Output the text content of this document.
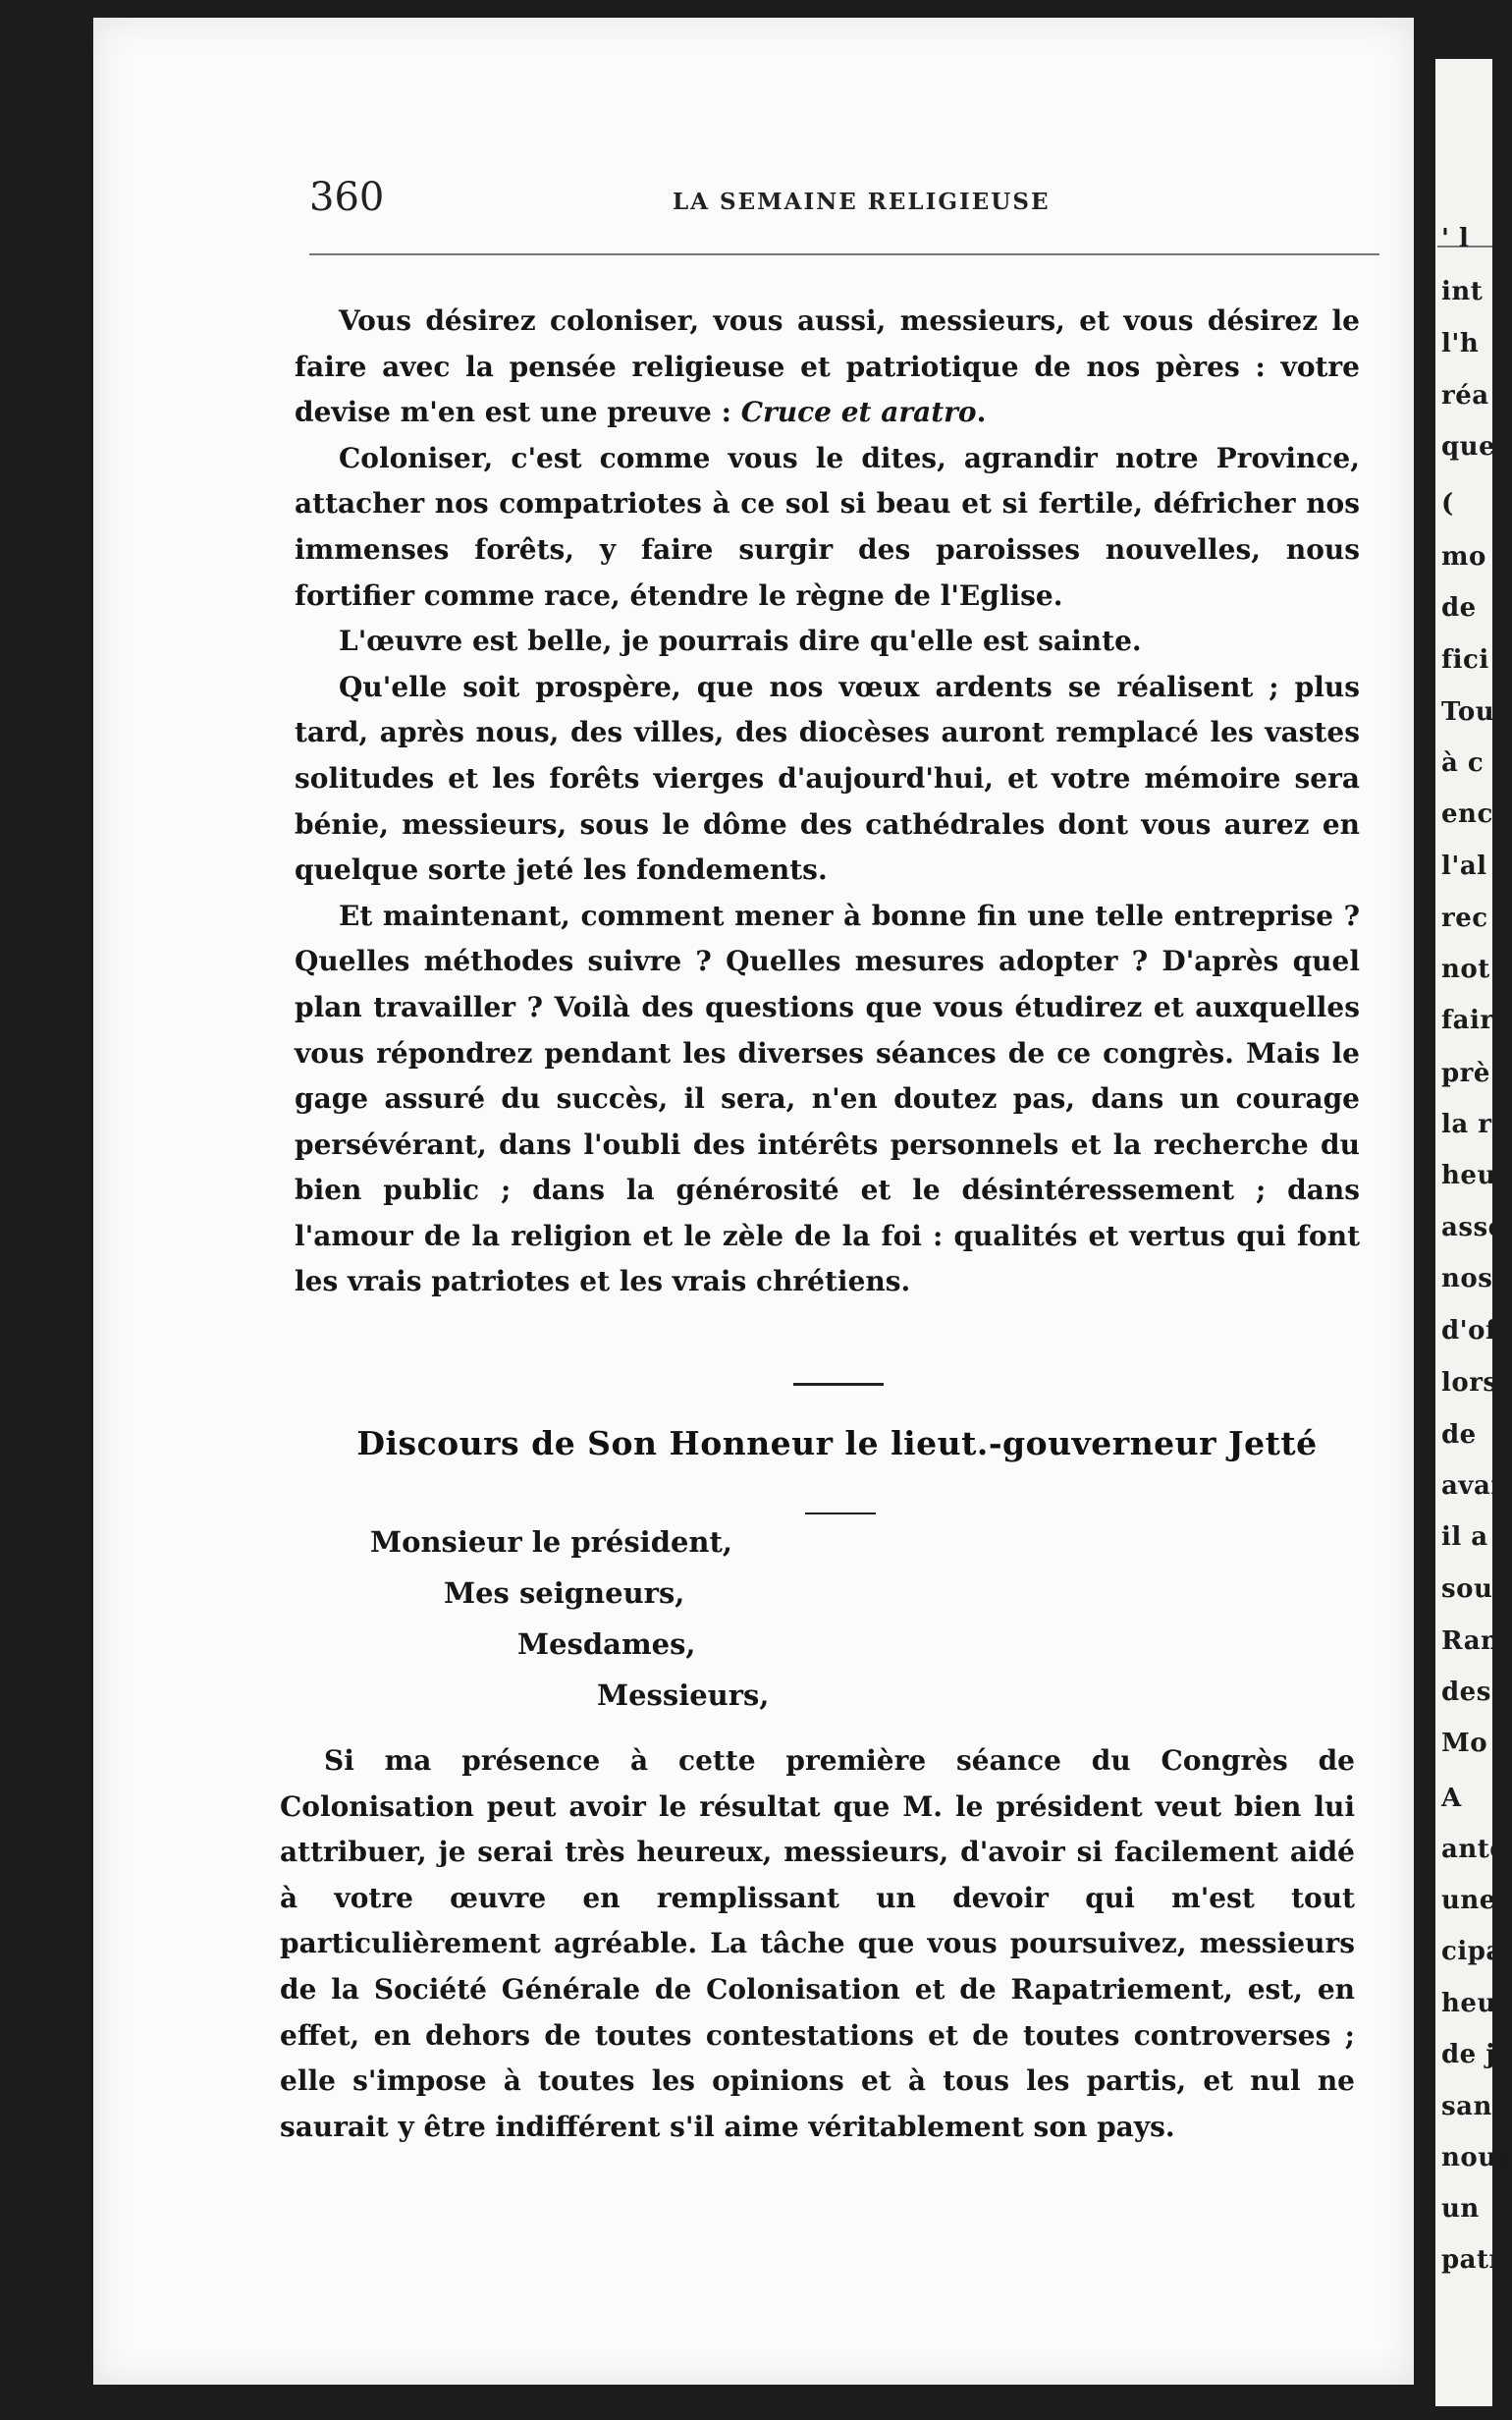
' l
int
l'h
réa
que
(
mo
de
fici
Tou
à c
enc
l'al
rec
not
fair
prè
la r
heu
asse
nos
d'of
lors
de
avai
il a
sou
Ran
des
Mo
A
ante
une
cipa
heu
de j
sana
nous
un
patr
360	LA SEMAINE RELIGIEUSE

Vous désirez coloniser, vous aussi, messieurs, et vous désirez le faire avec la pensée religieuse et patriotique de nos pères : votre devise m'en est une preuve : Cruce et aratro.

Coloniser, c'est comme vous le dites, agrandir notre Province, attacher nos compatriotes à ce sol si beau et si fertile, défricher nos immenses forêts, y faire surgir des paroisses nouvelles, nous fortifier comme race, étendre le règne de l'Eglise.

L'œuvre est belle, je pourrais dire qu'elle est sainte.

Qu'elle soit prospère, que nos vœux ardents se réalisent ; plus tard, après nous, des villes, des diocèses auront remplacé les vastes solitudes et les forêts vierges d'aujourd'hui, et votre mémoire sera bénie, messieurs, sous le dôme des cathédrales dont vous aurez en quelque sorte jeté les fondements.

Et maintenant, comment mener à bonne fin une telle entreprise ? Quelles méthodes suivre ? Quelles mesures adopter ? D'après quel plan travailler ? Voilà des questions que vous étudirez et auxquelles vous répondrez pendant les diverses séances de ce congrès. Mais le gage assuré du succès, il sera, n'en doutez pas, dans un courage persévérant, dans l'oubli des intérêts personnels et la recherche du bien public ; dans la générosité et le désintéressement ; dans l'amour de la religion et le zèle de la foi : qualités et vertus qui font les vrais patriotes et les vrais chrétiens.

Discours de Son Honneur le lieut.-gouverneur Jetté
Monsieur le président,
Mes seigneurs,
Mesdames,
Messieurs,

Si ma présence à cette première séance du Congrès de Colonisation peut avoir le résultat que M. le président veut bien lui attribuer, je serai très heureux, messieurs, d'avoir si facilement aidé à votre œuvre en remplissant un devoir qui m'est tout particulièrement agréable. La tâche que vous poursuivez, messieurs de la Société Générale de Colonisation et de Rapatriement, est, en effet, en dehors de toutes contestations et de toutes controverses ; elle s'impose à toutes les opinions et à tous les partis, et nul ne saurait y être indifférent s'il aime véritablement son pays.
